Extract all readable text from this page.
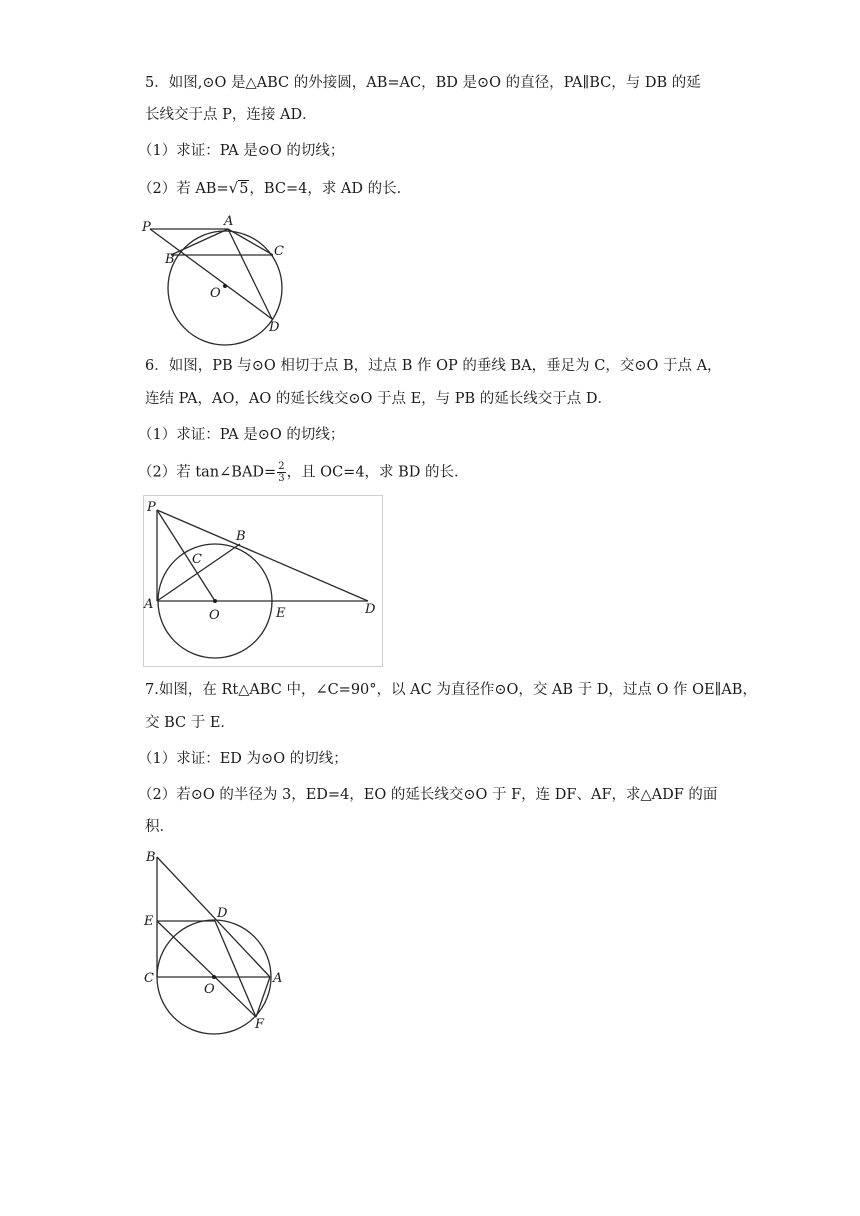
5．如图,⊙O 是△ABC 的外接圆，AB=AC，BD 是⊙O 的直径，PA∥BC，与 DB 的延
长线交于点 P，连接 AD．
（1）求证：PA 是⊙O 的切线；
（2）若 AB=√5，BC=4，求 AD 的长．
P	A
B
C
O
D
6．如图，PB 与⊙O 相切于点 B，过点 B 作 OP 的垂线 BA，垂足为 C，交⊙O 于点 A，
连结 PA，AO，AO 的延长线交⊙O 于点 E，与 PB 的延长线交于点 D．
（1）求证：PA 是⊙O 的切线；
（2）若 tan∠BAD= $\frac{2}{3}$ ，且 OC=4，求 BD 的长．
P
B
C
A
O	E	D
7.如图，在 Rt△ABC 中，∠C=90°，以 AC 为直径作⊙O，交 AB 于 D，过点 O 作 OE∥AB，
交 BC 于 E．
（1）求证：ED 为⊙O 的切线；
（2）若⊙O 的半径为 3，ED=4，EO 的延长线交⊙O 于 F，连 DF、AF，求△ADF 的面
积．
B
D
E
C
O
A
F
